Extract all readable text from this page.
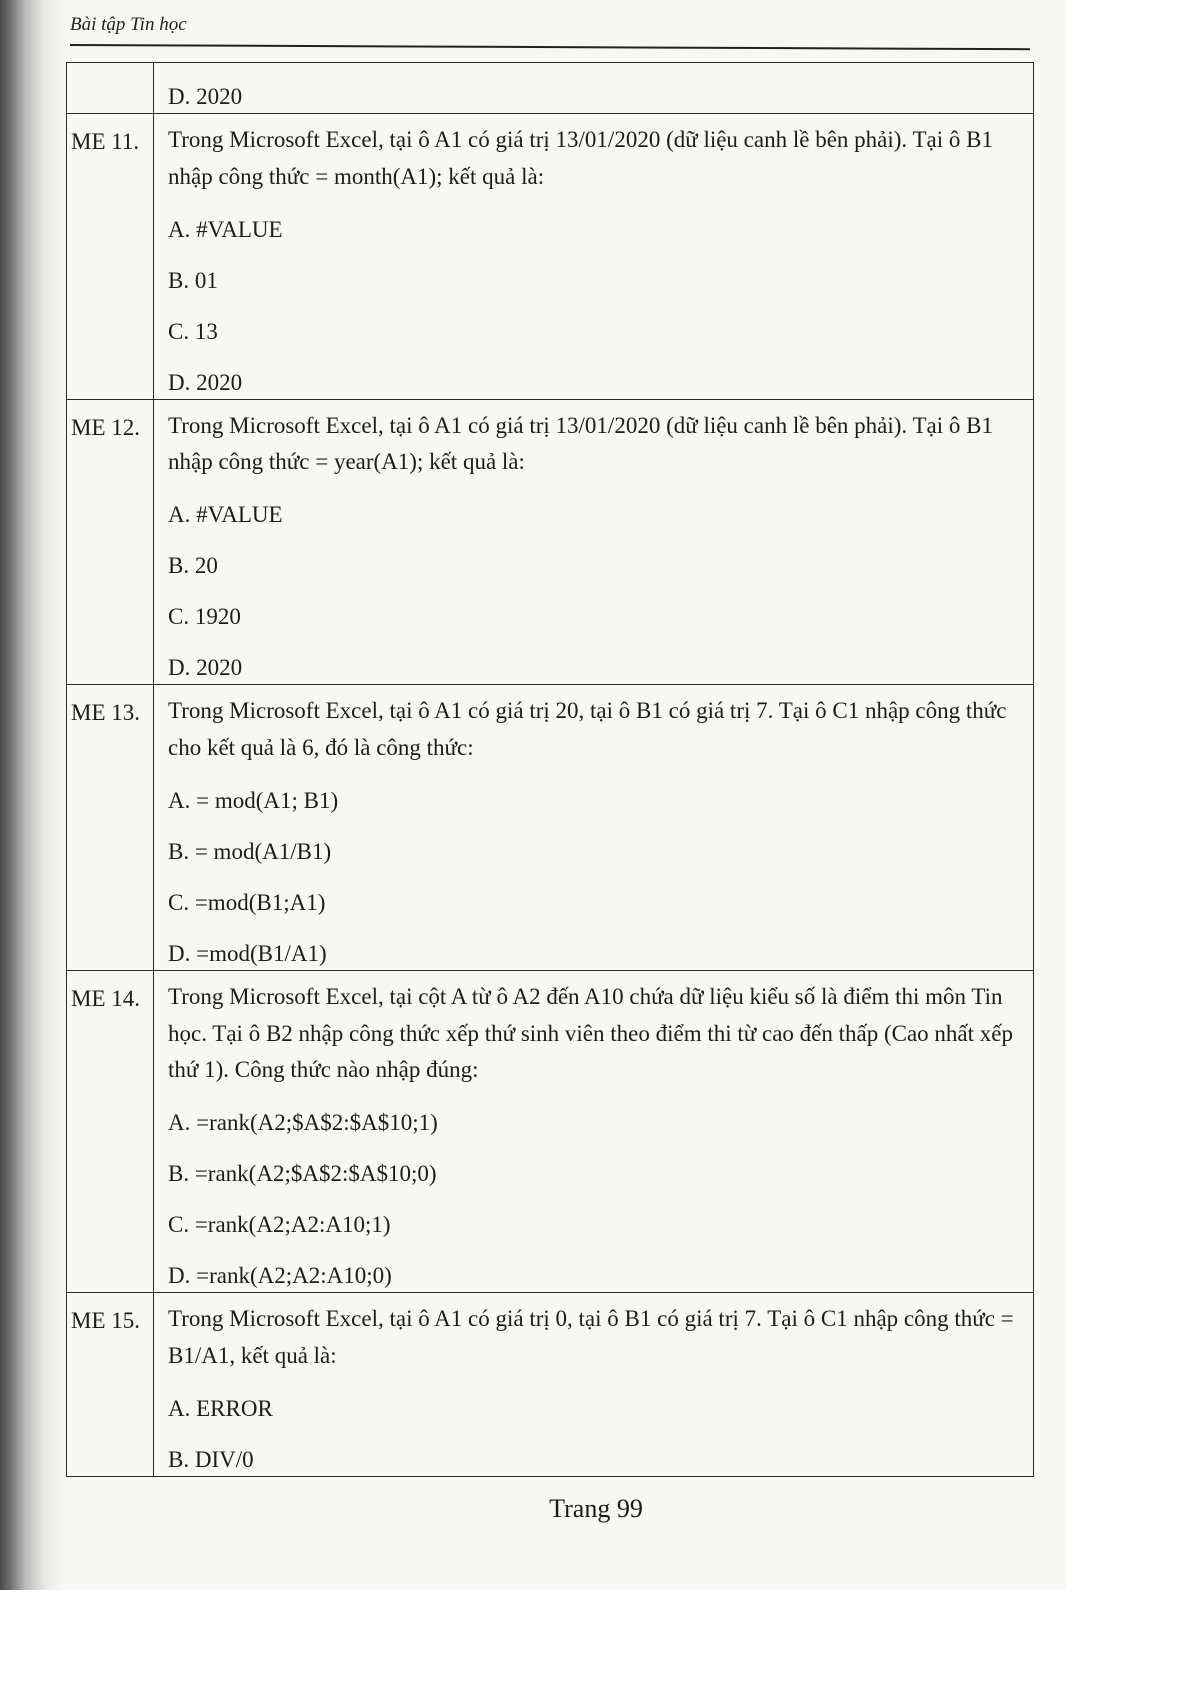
Bài tập Tin học

	D. 2020

ME 11.	Trong Microsoft Excel, tại ô A1 có giá trị 13/01/2020 (dữ liệu canh lề bên phải). Tại ô B1 nhập công thức = month(A1); kết quả là:

A. #VALUE
B. 01
C. 13
D. 2020

ME 12.	Trong Microsoft Excel, tại ô A1 có giá trị 13/01/2020 (dữ liệu canh lề bên phải). Tại ô B1 nhập công thức = year(A1); kết quả là:

A. #VALUE
B. 20
C. 1920
D. 2020

ME 13.	Trong Microsoft Excel, tại ô A1 có giá trị 20, tại ô B1 có giá trị 7. Tại ô C1 nhập công thức cho kết quả là 6, đó là công thức:

A. = mod(A1; B1)
B. = mod(A1/B1)
C. =mod(B1;A1)
D. =mod(B1/A1)

ME 14.	Trong Microsoft Excel, tại cột A từ ô A2 đến A10 chứa dữ liệu kiểu số là điểm thi môn Tin học. Tại ô B2 nhập công thức xếp thứ sinh viên theo điểm thi từ cao đến thấp (Cao nhất xếp thứ 1). Công thức nào nhập đúng:

A. =rank(A2;$A$2:$A$10;1)
B. =rank(A2;$A$2:$A$10;0)
C. =rank(A2;A2:A10;1)
D. =rank(A2;A2:A10;0)

ME 15.	Trong Microsoft Excel, tại ô A1 có giá trị 0, tại ô B1 có giá trị 7. Tại ô C1 nhập công thức = B1/A1, kết quả là:

A. ERROR
B. DIV/0
Trang 99
